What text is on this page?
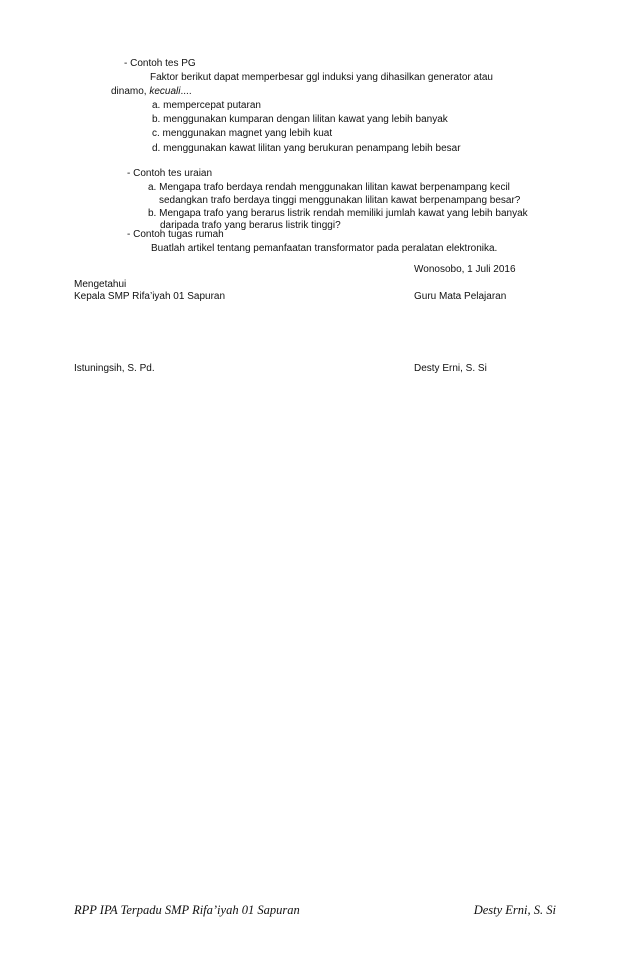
- Contoh tes PG
Faktor berikut dapat memperbesar ggl induksi yang dihasilkan generator atau
dinamo, kecuali....
a. mempercepat putaran
b. menggunakan kumparan dengan lilitan kawat yang lebih banyak
c. menggunakan magnet yang lebih kuat
d. menggunakan kawat lilitan yang berukuran penampang lebih besar
- Contoh tes uraian
a. Mengapa trafo berdaya rendah menggunakan lilitan kawat berpenampang kecil
sedangkan trafo berdaya tinggi menggunakan lilitan kawat berpenampang besar?
b. Mengapa trafo yang berarus listrik rendah memiliki jumlah kawat yang lebih banyak
daripada trafo yang berarus listrik tinggi?
- Contoh tugas rumah
Buatlah artikel tentang pemanfaatan transformator pada peralatan elektronika.
Wonosobo, 1 Juli 2016
Mengetahui
Kepala SMP Rifa’iyah 01 Sapuran	Guru Mata Pelajaran
Istuningsih, S. Pd.	Desty Erni, S. Si
RPP IPA Terpadu SMP Rifa’iyah 01 Sapuran	Desty Erni, S. Si
